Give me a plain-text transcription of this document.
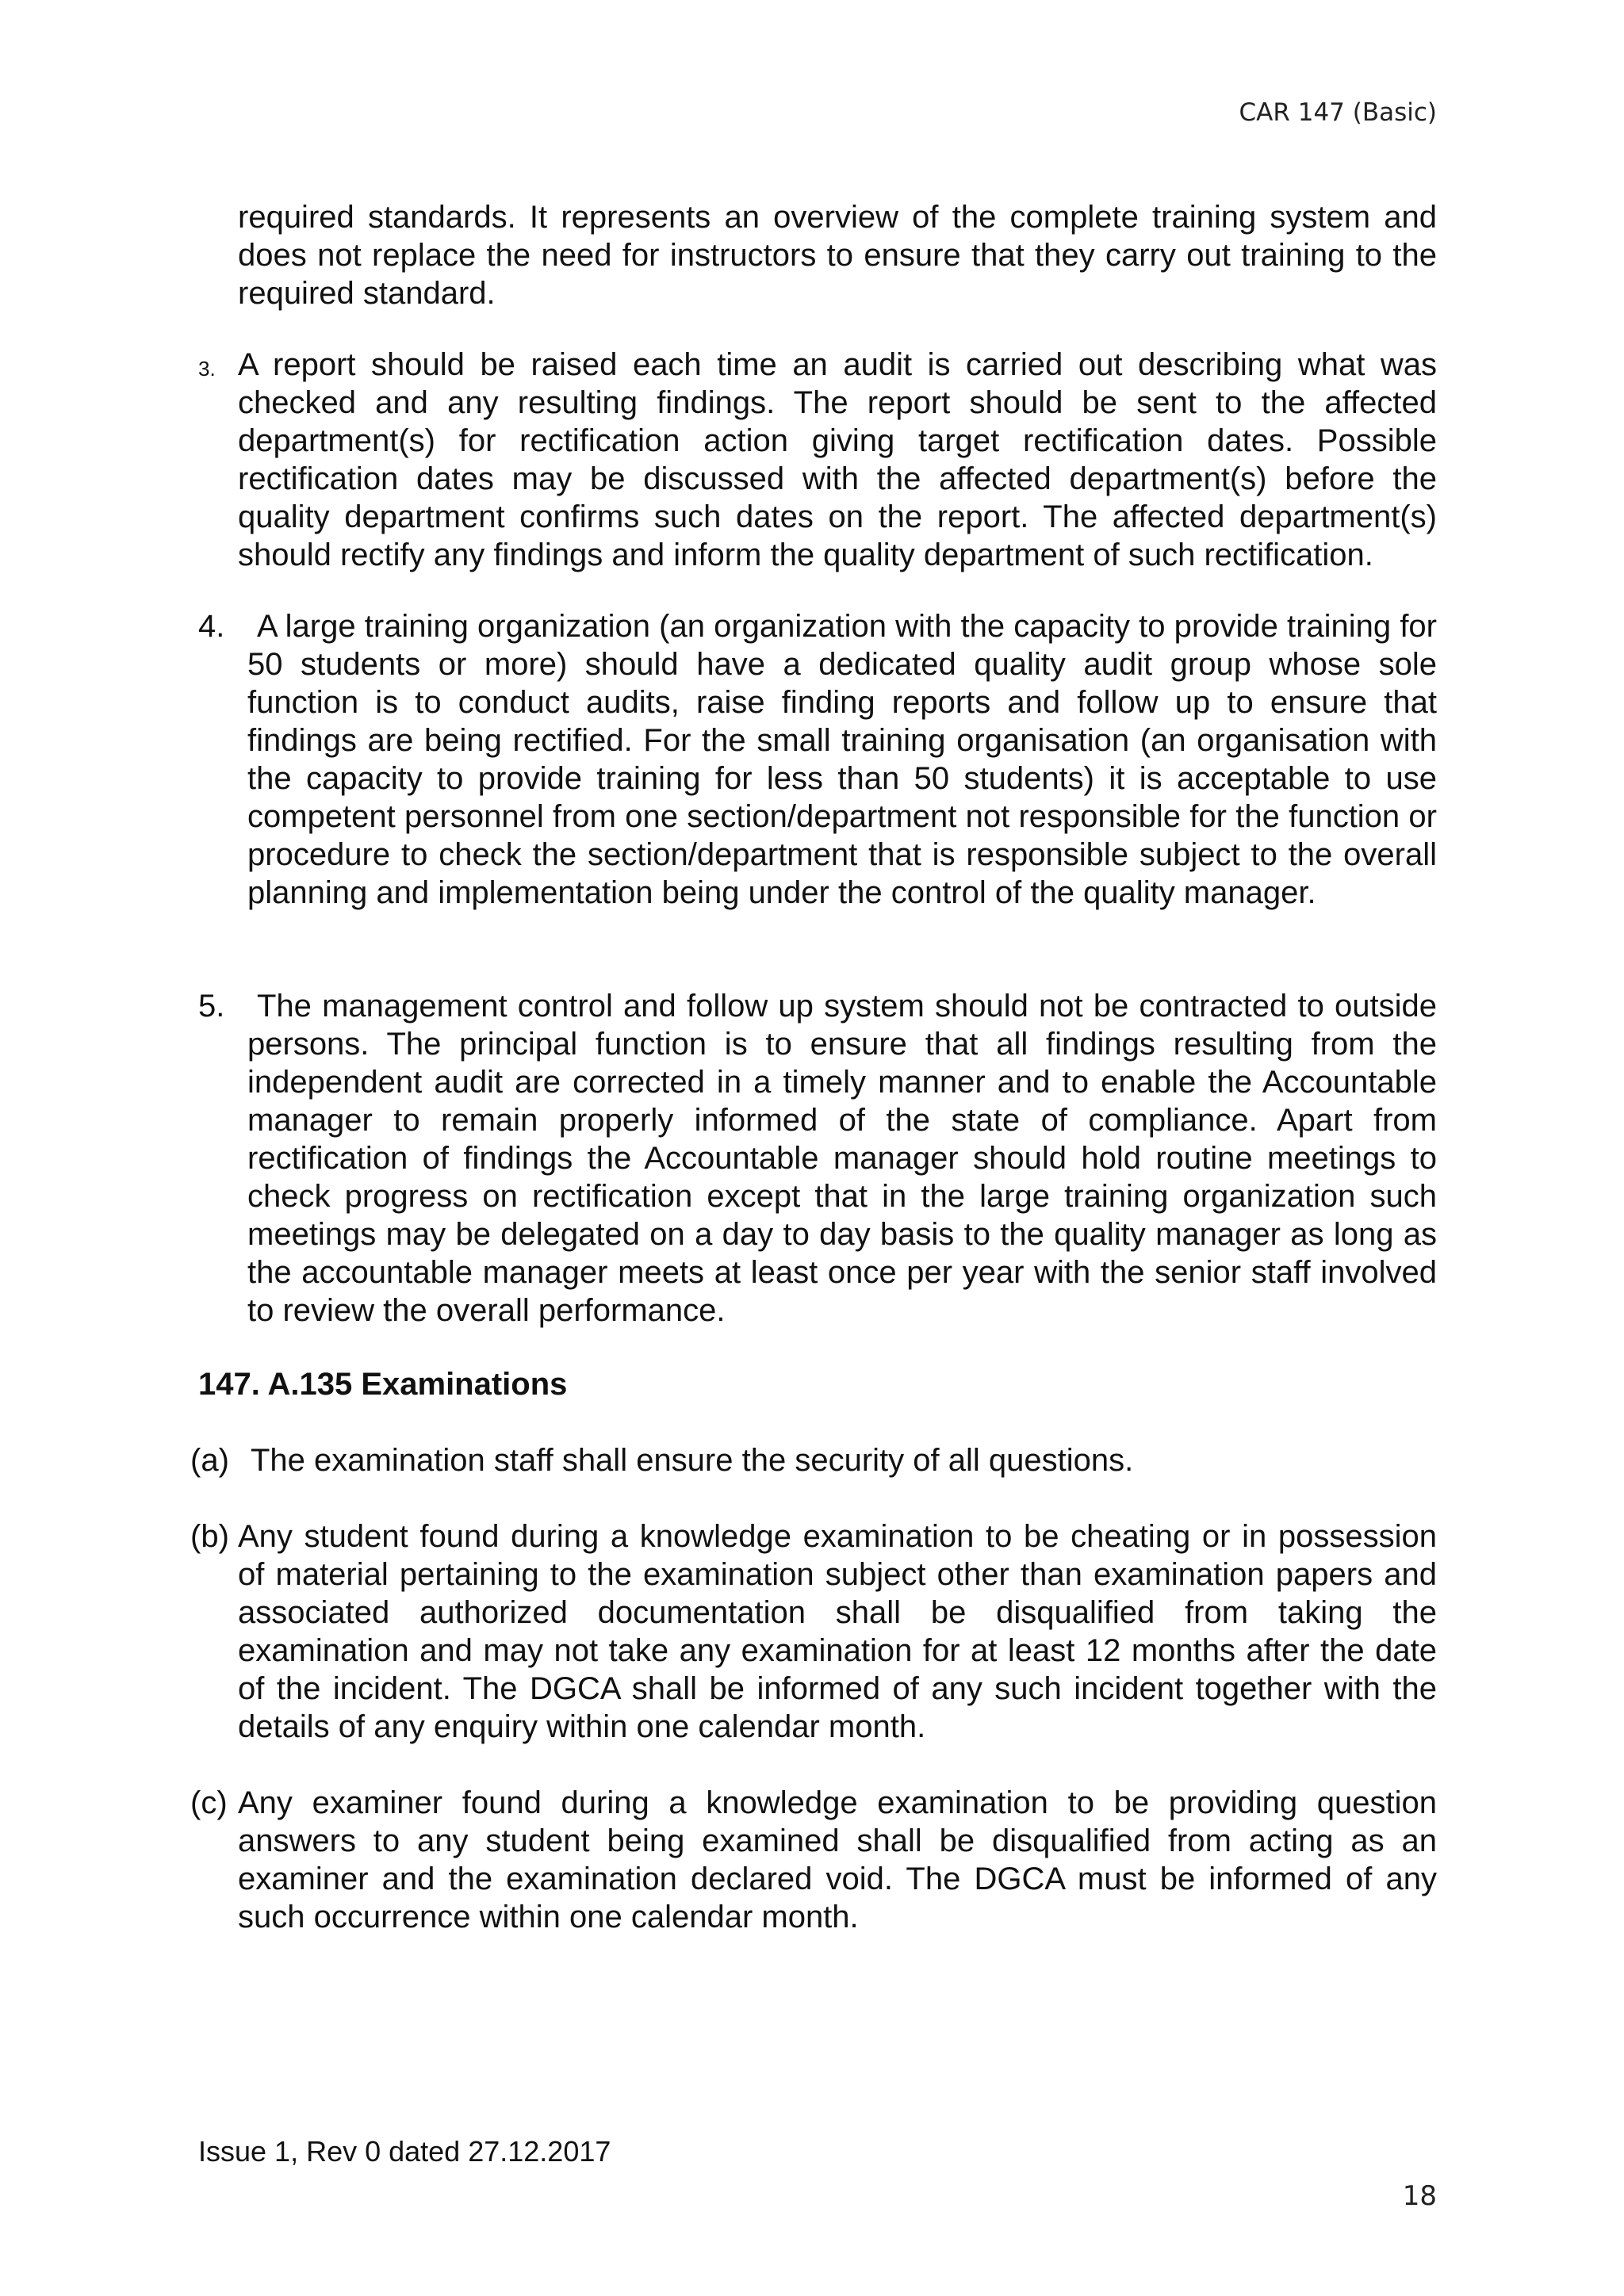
CAR 147 (Basic)

required standards. It represents an overview of the complete training system and does not replace the need for instructors to ensure that they carry out training to the required standard.

3. A report should be raised each time an audit is carried out describing what was checked and any resulting findings. The report should be sent to the affected department(s) for rectification action giving target rectification dates. Possible rectification dates may be discussed with the affected department(s) before the quality department confirms such dates on the report. The affected department(s) should rectify any findings and inform the quality department of such rectification.

4.	A large training organization (an organization with the capacity to provide training for 50 students or more) should have a dedicated quality audit group whose sole function is to conduct audits, raise finding reports and follow up to ensure that findings are being rectified. For the small training organisation (an organisation with the capacity to provide training for less than 50 students) it is acceptable to use competent personnel from one section/department not responsible for the function or procedure to check the section/department that is responsible subject to the overall planning and implementation being under the control of the quality manager.

5.	The management control and follow up system should not be contracted to outside persons. The principal function is to ensure that all findings resulting from the independent audit are corrected in a timely manner and to enable the Accountable manager to remain properly informed of the state of compliance. Apart from rectification of findings the Accountable manager should hold routine meetings to check progress on rectification except that in the large training organization such meetings may be delegated on a day to day basis to the quality manager as long as the accountable manager meets at least once per year with the senior staff involved to review the overall performance.

147. A.135 Examinations
(a) The examination staff shall ensure the security of all questions.

(b) Any student found during a knowledge examination to be cheating or in possession of material pertaining to the examination subject other than examination papers and associated authorized documentation shall be disqualified from taking the examination and may not take any examination for at least 12 months after the date of the incident. The DGCA shall be informed of any such incident together with the details of any enquiry within one calendar month.

(c) Any examiner found during a knowledge examination to be providing question answers to any student being examined shall be disqualified from acting as an examiner and the examination declared void. The DGCA must be informed of any such occurrence within one calendar month.

Issue 1, Rev 0 dated 27.12.2017
18
